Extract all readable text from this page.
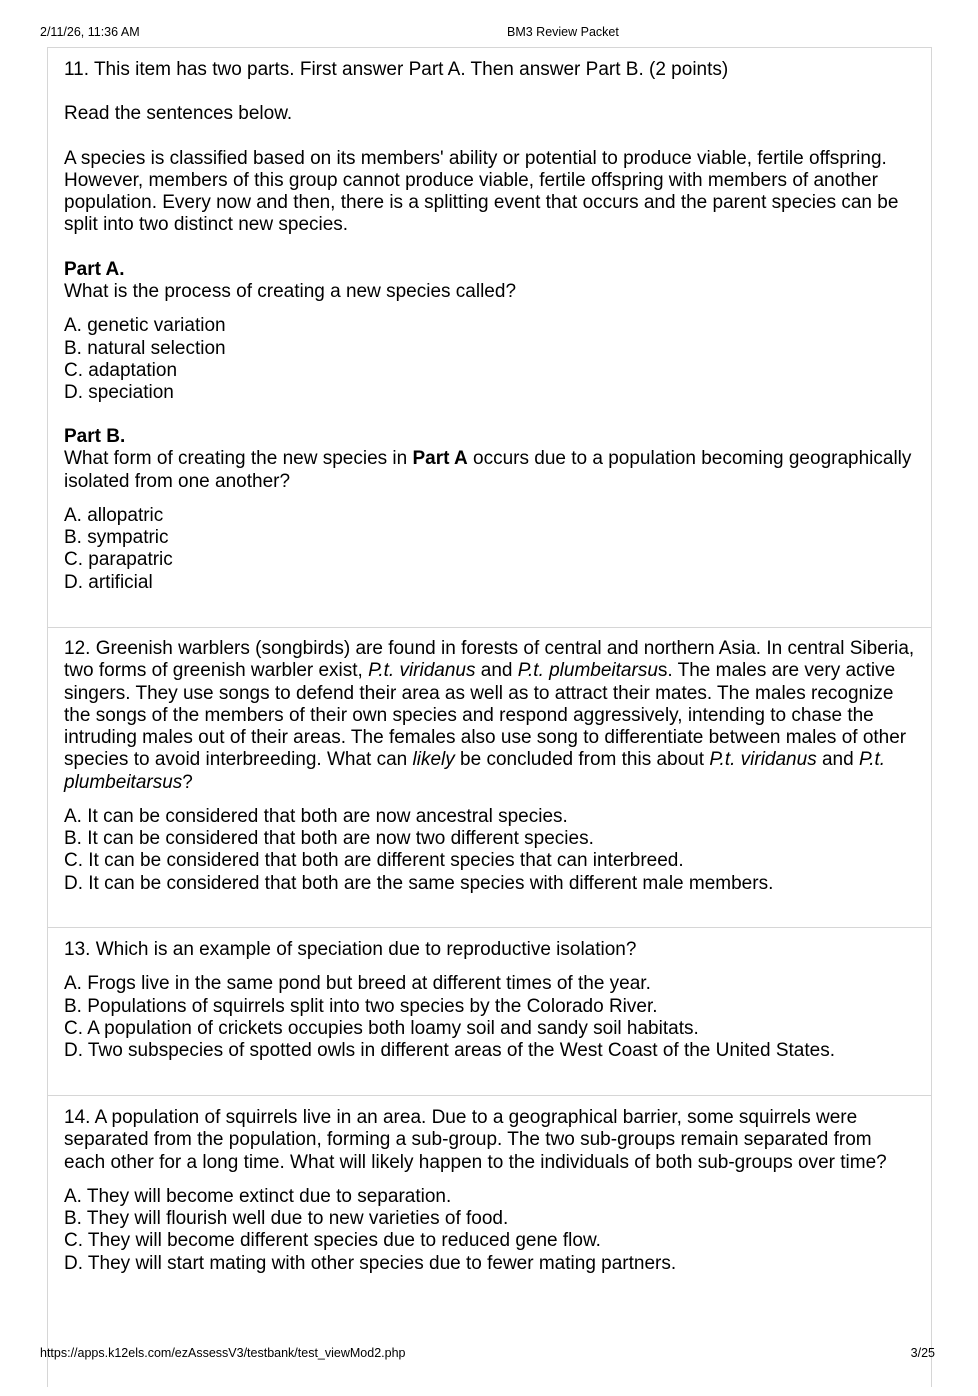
2/11/26, 11:36 AM	BM3 Review Packet

11. This item has two parts. First answer Part A. Then answer Part B. (2 points)

Read the sentences below.

A species is classified based on its members' ability or potential to produce viable, fertile offspring. However, members of this group cannot produce viable, fertile offspring with members of another population. Every now and then, there is a splitting event that occurs and the parent species can be split into two distinct new species.

Part A.

What is the process of creating a new species called?

A. genetic variation
B. natural selection
C. adaptation
D. speciation

Part B.

What form of creating the new species in Part A occurs due to a population becoming geographically isolated from one another?

A. allopatric
B. sympatric
C. parapatric
D. artificial

12. Greenish warblers (songbirds) are found in forests of central and northern Asia. In central Siberia, two forms of greenish warbler exist, P.t. viridanus and P.t. plumbeitarsus. The males are very active singers. They use songs to defend their area as well as to attract their mates. The males recognize the songs of the members of their own species and respond aggressively, intending to chase the intruding males out of their areas. The females also use song to differentiate between males of other species to avoid interbreeding. What can likely be concluded from this about P.t. viridanus and P.t. plumbeitarsus?

A. It can be considered that both are now ancestral species.
B. It can be considered that both are now two different species.
C. It can be considered that both are different species that can interbreed.
D. It can be considered that both are the same species with different male members.

13. Which is an example of speciation due to reproductive isolation?

A. Frogs live in the same pond but breed at different times of the year.
B. Populations of squirrels split into two species by the Colorado River.
C. A population of crickets occupies both loamy soil and sandy soil habitats.
D. Two subspecies of spotted owls in different areas of the West Coast of the United States.

14. A population of squirrels live in an area. Due to a geographical barrier, some squirrels were separated from the population, forming a sub-group. The two sub-groups remain separated from each other for a long time. What will likely happen to the individuals of both sub-groups over time?

A. They will become extinct due to separation.
B. They will flourish well due to new varieties of food.
C. They will become different species due to reduced gene flow.
D. They will start mating with other species due to fewer mating partners.
https://apps.k12els.com/ezAssessV3/testbank/test_viewMod2.php	3/25
